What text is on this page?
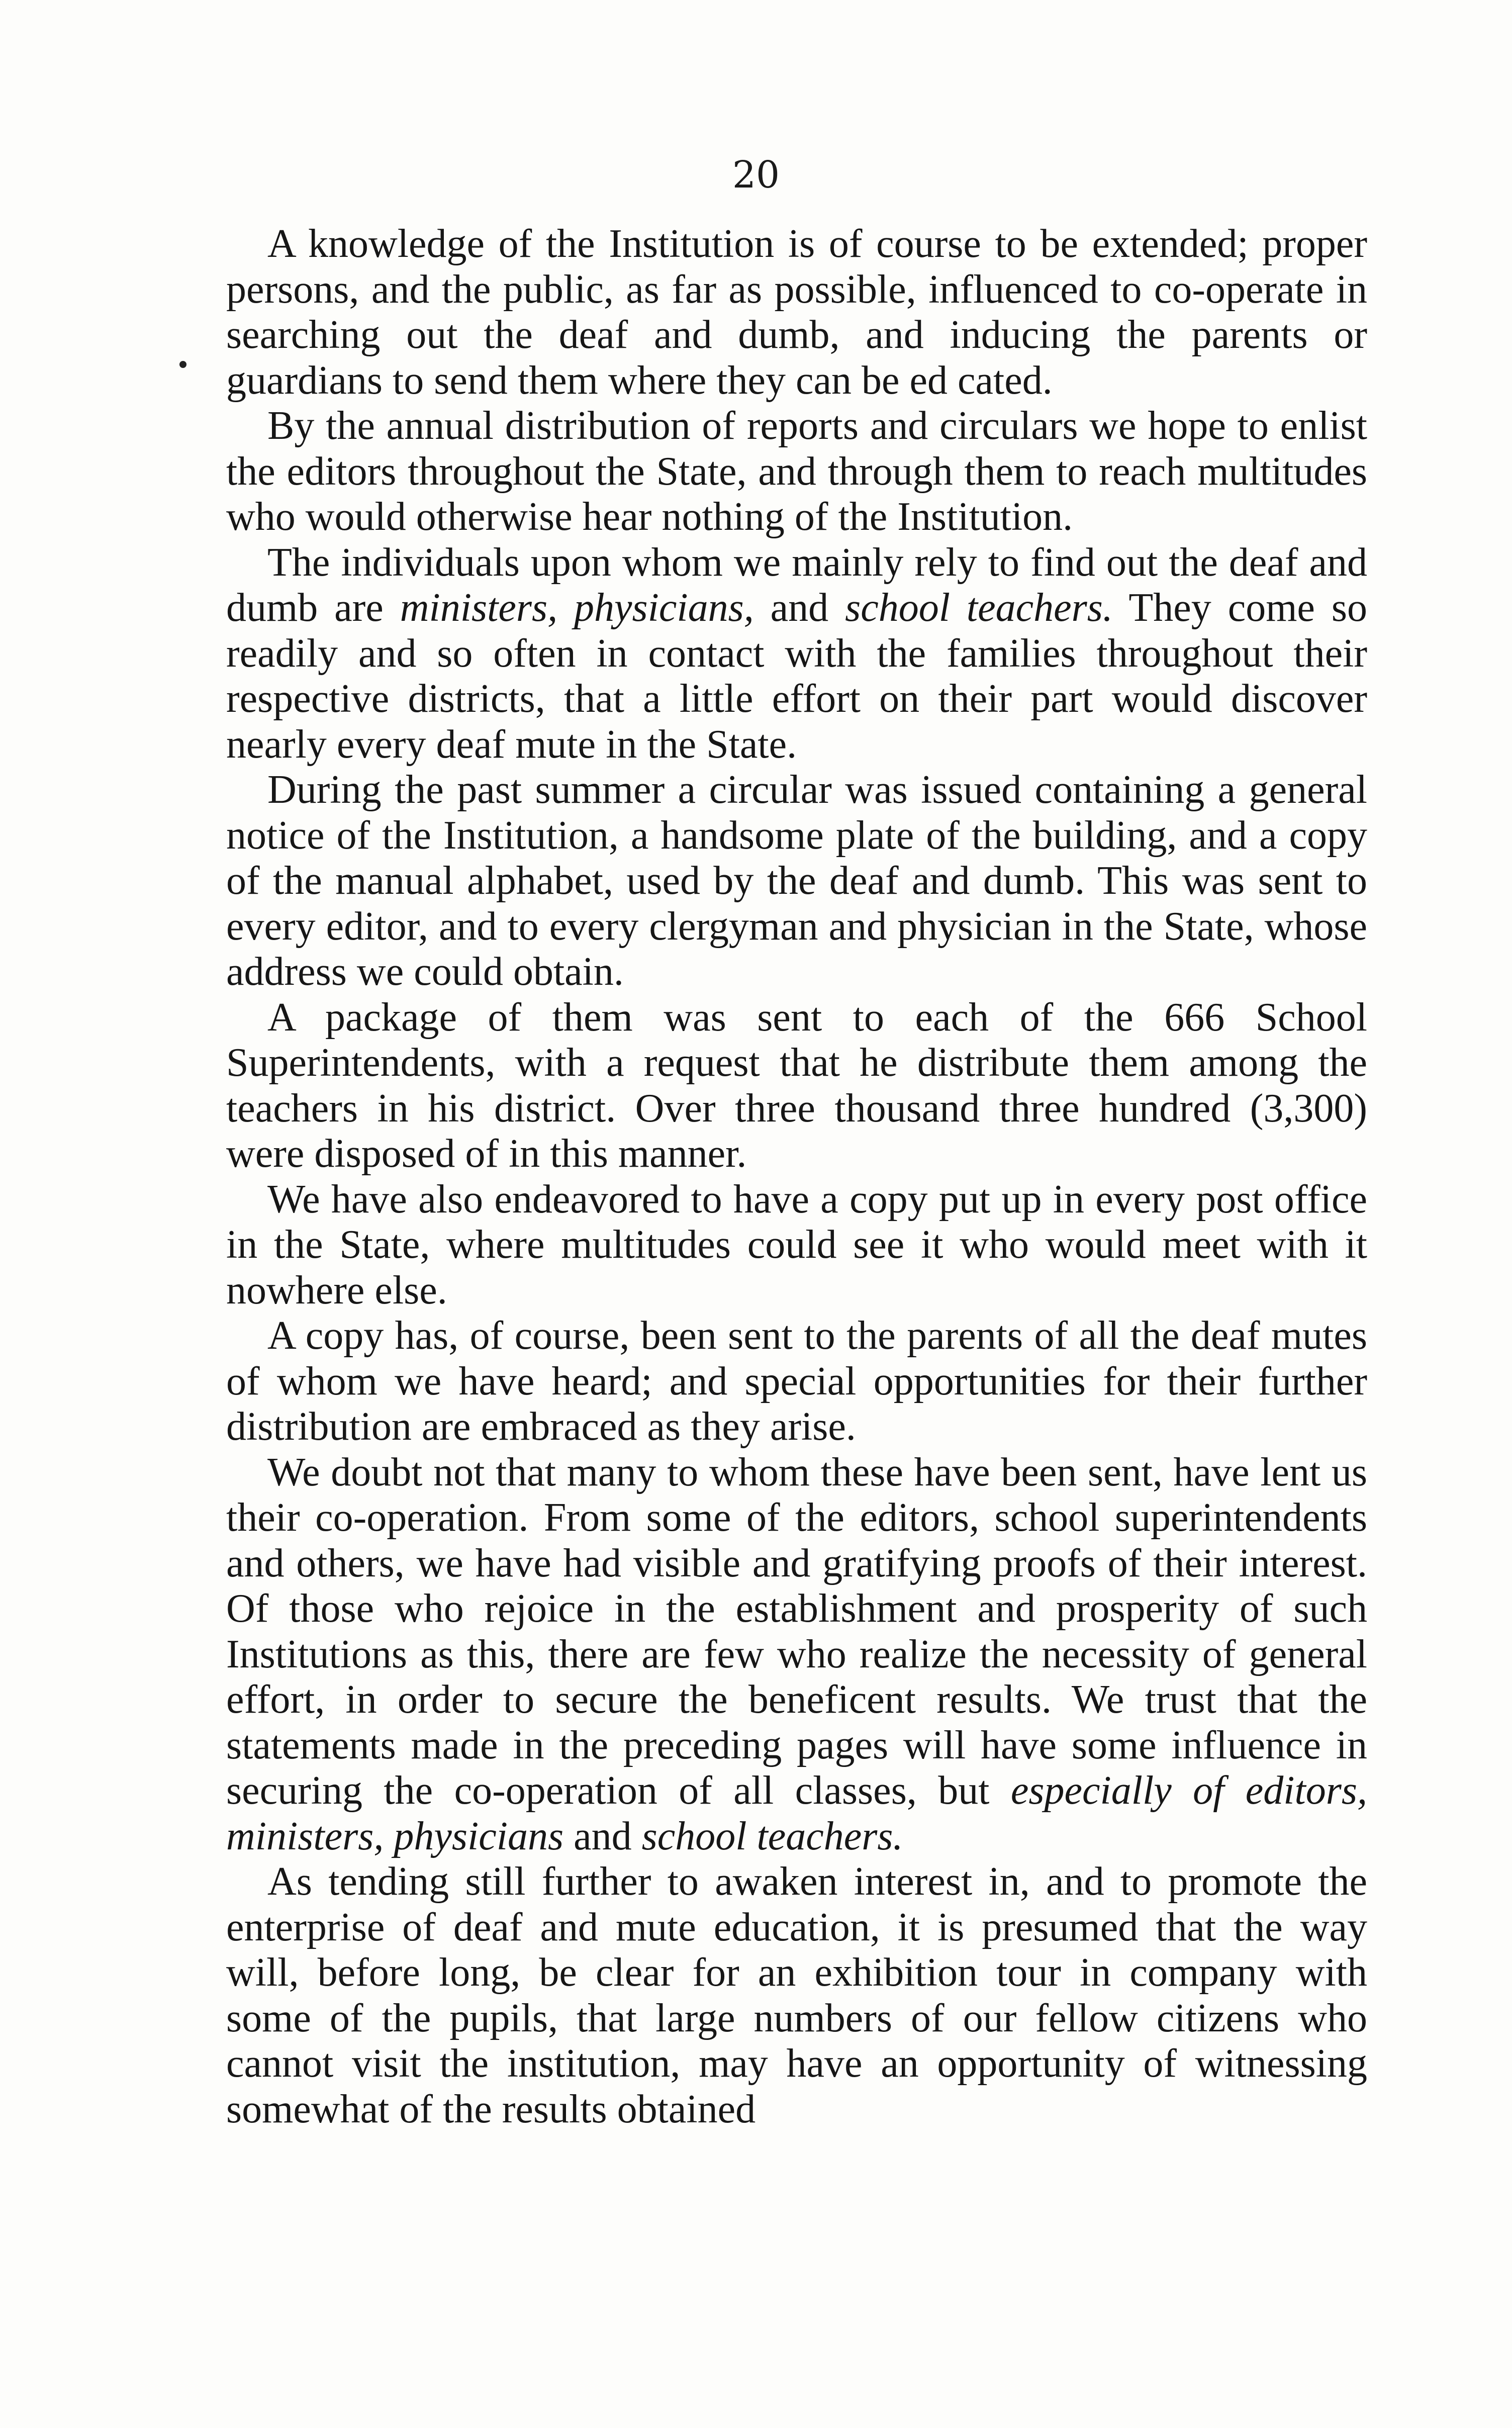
20

A knowledge of the Institution is of course to be extended; proper persons, and the public, as far as possible, influenced to co-operate in searching out the deaf and dumb, and inducing the parents or guardians to send them where they can be ed cated.

By the annual distribution of reports and circulars we hope to enlist the editors throughout the State, and through them to reach multitudes who would otherwise hear nothing of the Institution.

The individuals upon whom we mainly rely to find out the deaf and dumb are ministers, physicians, and school teachers. They come so readily and so often in contact with the families throughout their respective districts, that a little effort on their part would discover nearly every deaf mute in the State.

During the past summer a circular was issued containing a general notice of the Institution, a handsome plate of the building, and a copy of the manual alphabet, used by the deaf and dumb. This was sent to every editor, and to every clergyman and physician in the State, whose address we could obtain.

A package of them was sent to each of the 666 School Superintendents, with a request that he distribute them among the teachers in his district. Over three thousand three hundred (3,300) were disposed of in this manner.

We have also endeavored to have a copy put up in every post office in the State, where multitudes could see it who would meet with it nowhere else.

A copy has, of course, been sent to the parents of all the deaf mutes of whom we have heard; and special opportunities for their further distribution are embraced as they arise.

We doubt not that many to whom these have been sent, have lent us their co-operation. From some of the editors, school superintendents and others, we have had visible and gratifying proofs of their interest. Of those who rejoice in the establishment and prosperity of such Institutions as this, there are few who realize the necessity of general effort, in order to secure the beneficent results. We trust that the statements made in the preceding pages will have some influence in securing the co-operation of all classes, but especially of editors, ministers, physicians and school teachers.

As tending still further to awaken interest in, and to promote the enterprise of deaf and mute education, it is presumed that the way will, before long, be clear for an exhibition tour in company with some of the pupils, that large numbers of our fellow citizens who cannot visit the institution, may have an opportunity of witnessing somewhat of the results obtained
